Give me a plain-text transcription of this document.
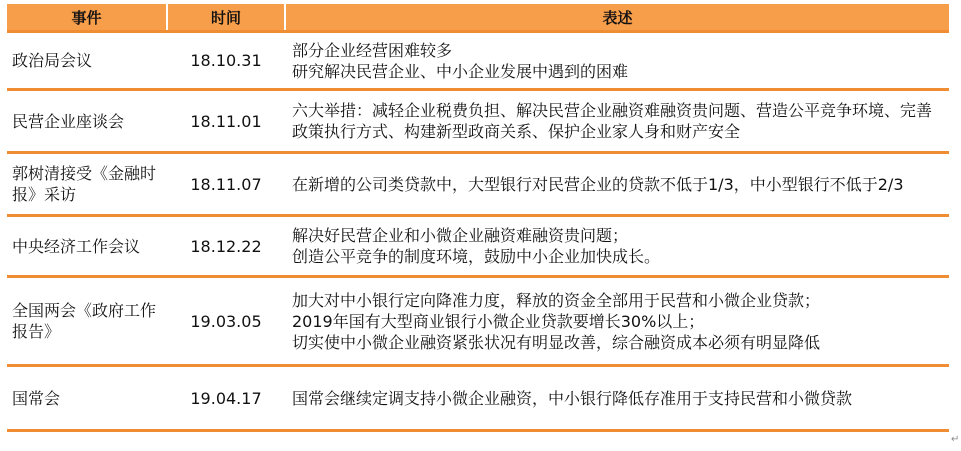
事件	时间	表述

政治局会议	18.10.31	部分企业经营困难较多
研究解决民营企业、中小企业发展中遇到的困难

民营企业座谈会	18.11.01	六大举措：减轻企业税费负担、解决民营企业融资难融资贵问题、营造公平竞争环境、完善政策执行方式、构建新型政商关系、保护企业家人身和财产安全

郭树清接受《金融时报》采访	18.11.07	在新增的公司类贷款中，大型银行对民营企业的贷款不低于1/3，中小型银行不低于2/3

中央经济工作会议	18.12.22	解决好民营企业和小微企业融资难融资贵问题；
创造公平竞争的制度环境，鼓励中小企业加快成长。

全国两会《政府工作报告》	19.03.05	加大对中小银行定向降准力度，释放的资金全部用于民营和小微企业贷款；
2019年国有大型商业银行小微企业贷款要增长30%以上；
切实使中小微企业融资紧张状况有明显改善，综合融资成本必须有明显降低

国常会	19.04.17	国常会继续定调支持小微企业融资，中小银行降低存准用于支持民营和小微贷款
↵
